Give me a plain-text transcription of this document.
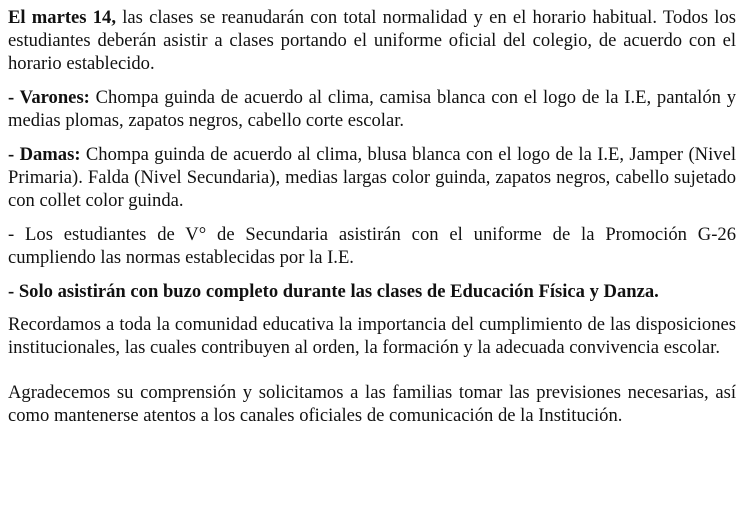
El martes 14, las clases se reanudarán con total normalidad y en el horario habitual. Todos los estudiantes deberán asistir a clases portando el uniforme oficial del colegio, de acuerdo con el horario establecido.

- Varones: Chompa guinda de acuerdo al clima, camisa blanca con el logo de la I.E, pantalón y medias plomas, zapatos negros, cabello corte escolar.

- Damas: Chompa guinda de acuerdo al clima, blusa blanca con el logo de la I.E, Jamper (Nivel Primaria). Falda (Nivel Secundaria), medias largas color guinda, zapatos negros, cabello sujetado con collet color guinda.

- Los estudiantes de V° de Secundaria asistirán con el uniforme de la Promoción G-26 cumpliendo las normas establecidas por la I.E.

- Solo asistirán con buzo completo durante las clases de Educación Física y Danza.

Recordamos a toda la comunidad educativa la importancia del cumplimiento de las disposiciones institucionales, las cuales contribuyen al orden, la formación y la adecuada convivencia escolar.

Agradecemos su comprensión y solicitamos a las familias tomar las previsiones necesarias, así como mantenerse atentos a los canales oficiales de comunicación de la Institución.
